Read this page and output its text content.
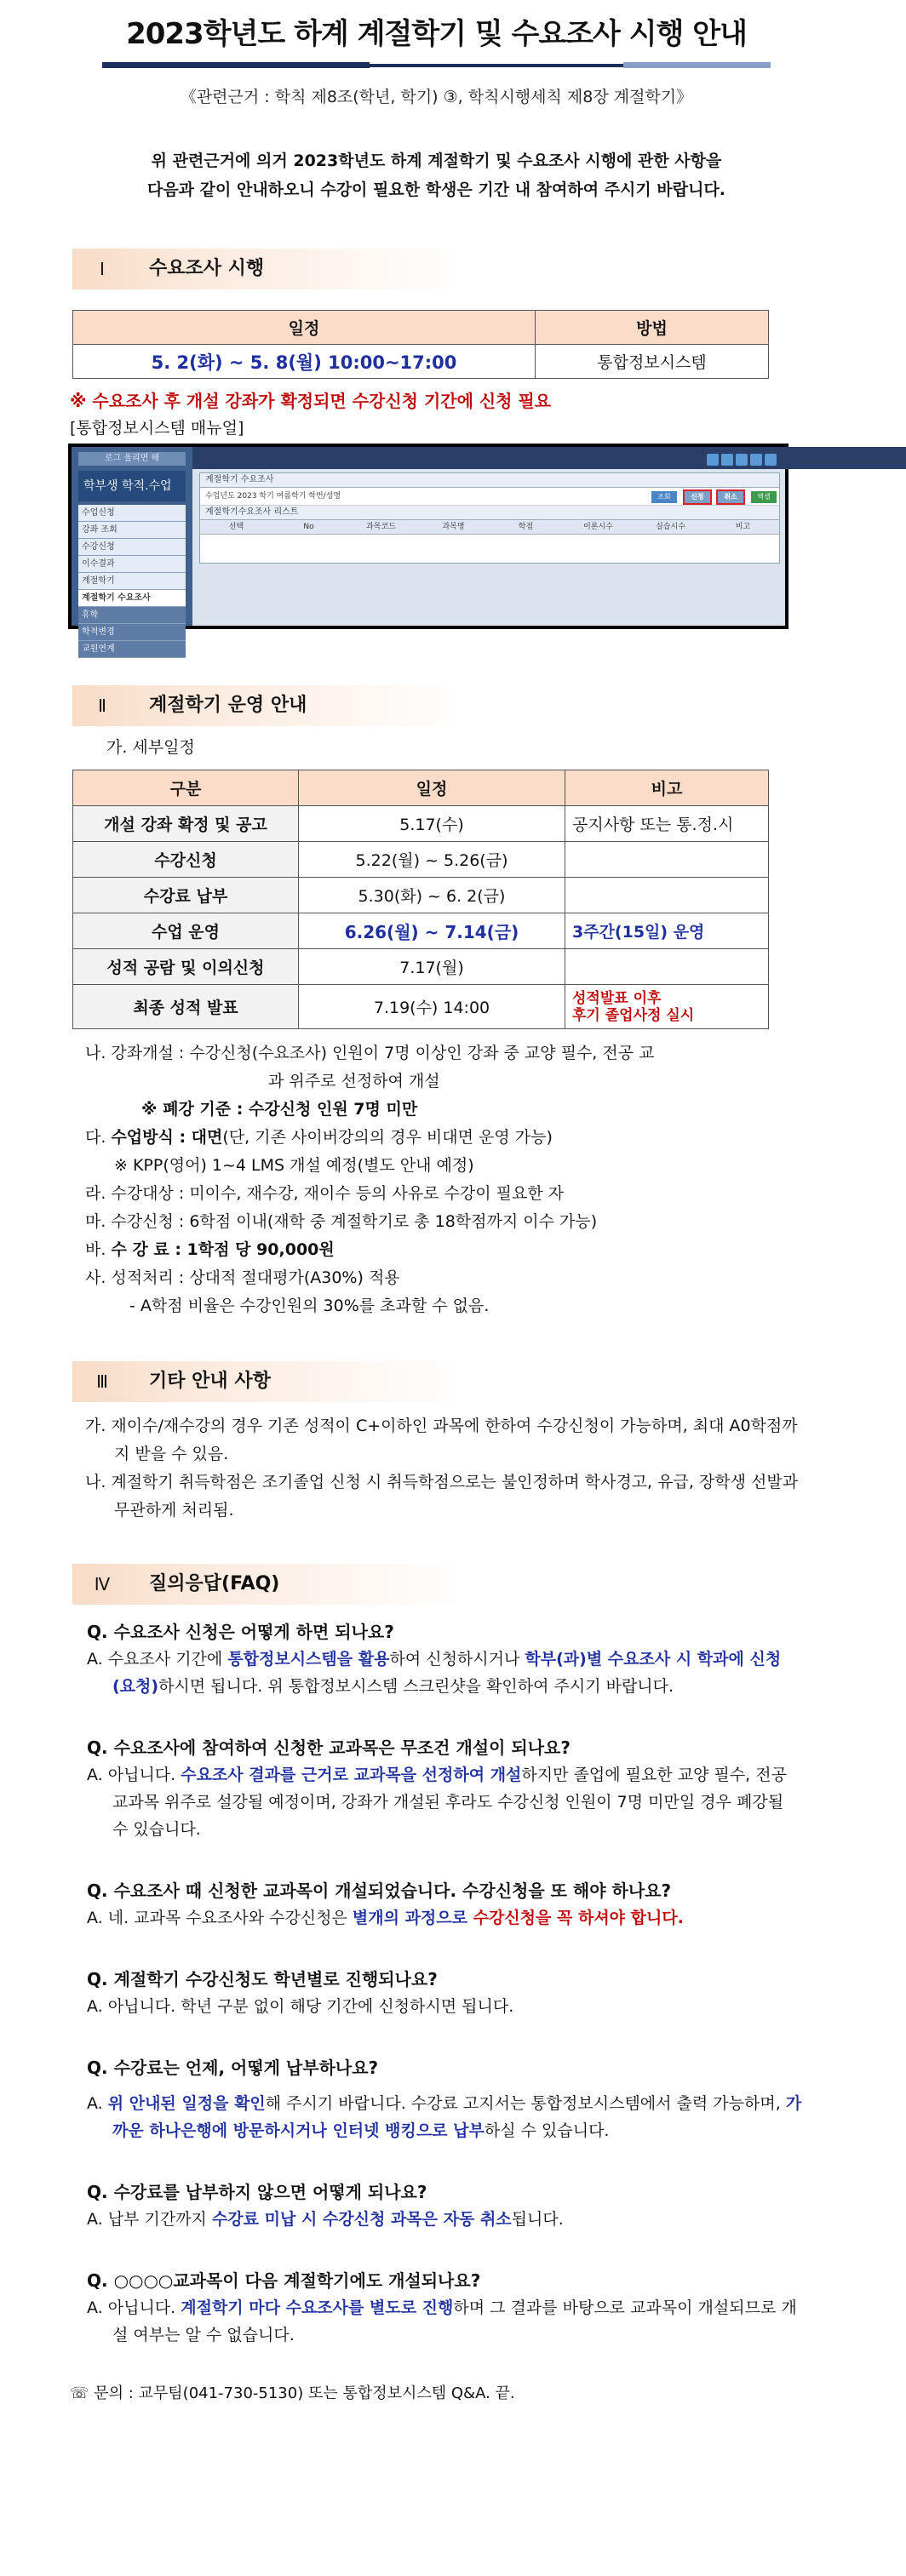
2023학년도 하계 계절학기 및 수요조사 시행 안내
《관련근거 : 학칙 제8조(학년, 학기) ③, 학칙시행세칙 제8장 계절학기》
위 관련근거에 의거 2023학년도 하계 계절학기 및 수요조사 시행에 관한 사항을
다음과 같이 안내하오니 수강이 필요한 학생은 기간 내 참여하여 주시기 바랍니다.
Ⅰ	수요조사 시행
일정	방법
5. 2(화) ~ 5. 8(월) 10:00~17:00	통합정보시스템
※ 수요조사 후 개설 강좌가 확정되면 수강신청 기간에 신청 필요
[통합정보시스템 매뉴얼]
로그 울리면 해
학부생 학적.수업
수업신청
강좌 조회
수강신청
이수결과
계절학기
계절학기 수요조사
휴학
학적변경
교원연계
계절학기 수요조사
수업년도 2023 학기 여름학기 학번/성명
계절학기수요조사 리스트
선택	No	과목코드	과목명	학점	이론시수	실습시수	비고
조회	신청	취소	엑셀
Ⅱ	계절학기 운영 안내
가. 세부일정
구분	일정	비고
개설 강좌 확정 및 공고	5.17(수)	공지사항 또는 통.정.시
수강신청	5.22(월) ~ 5.26(금)	
수강료 납부	5.30(화) ~ 6. 2(금)	
수업 운영	6.26(월) ~ 7.14(금)	3주간(15일) 운영
성적 공람 및 이의신청	7.17(월)	
최종 성적 발표	7.19(수) 14:00	성적발표 이후
후기 졸업사정 실시
나. 강좌개설 : 수강신청(수요조사) 인원이 7명 이상인 강좌 중 교양 필수, 전공 교
과 위주로 선정하여 개설
※ 폐강 기준 : 수강신청 인원 7명 미만
다. 수업방식 : 대면(단, 기존 사이버강의의 경우 비대면 운영 가능)
※ KPP(영어) 1~4 LMS 개설 예정(별도 안내 예정)
라. 수강대상 : 미이수, 재수강, 재이수 등의 사유로 수강이 필요한 자
마. 수강신청 : 6학점 이내(재학 중 계절학기로 총 18학점까지 이수 가능)
바. 수 강 료 : 1학점 당 90,000원
사. 성적처리 : 상대적 절대평가(A30%) 적용
- A학점 비율은 수강인원의 30%를 초과할 수 없음.
Ⅲ	기타 안내 사항
가. 재이수/재수강의 경우 기존 성적이 C+이하인 과목에 한하여 수강신청이 가능하며, 최대 A0학점까지 받을 수 있음.
나. 계절학기 취득학점은 조기졸업 신청 시 취득학점으로는 불인정하며 학사경고, 유급, 장학생 선발과 무관하게 처리됨.
Ⅳ	질의응답(FAQ)
Q. 수요조사 신청은 어떻게 하면 되나요?
A. 수요조사 기간에 통합정보시스템을 활용하여 신청하시거나 학부(과)별 수요조사 시 학과에 신청(요청)하시면 됩니다. 위 통합정보시스템 스크린샷을 확인하여 주시기 바랍니다.
Q. 수요조사에 참여하여 신청한 교과목은 무조건 개설이 되나요?
A. 아닙니다. 수요조사 결과를 근거로 교과목을 선정하여 개설하지만 졸업에 필요한 교양 필수, 전공 교과목 위주로 설강될 예정이며, 강좌가 개설된 후라도 수강신청 인원이 7명 미만일 경우 폐강될 수 있습니다.
Q. 수요조사 때 신청한 교과목이 개설되었습니다. 수강신청을 또 해야 하나요?
A. 네. 교과목 수요조사와 수강신청은 별개의 과정으로 수강신청을 꼭 하셔야 합니다.
Q. 계절학기 수강신청도 학년별로 진행되나요?
A. 아닙니다. 학년 구분 없이 해당 기간에 신청하시면 됩니다.
Q. 수강료는 언제, 어떻게 납부하나요?
A. 위 안내된 일정을 확인해 주시기 바랍니다. 수강료 고지서는 통합정보시스템에서 출력 가능하며, 가까운 하나은행에 방문하시거나 인터넷 뱅킹으로 납부하실 수 있습니다.
Q. 수강료를 납부하지 않으면 어떻게 되나요?
A. 납부 기간까지 수강료 미납 시 수강신청 과목은 자동 취소됩니다.
Q. ○○○○교과목이 다음 계절학기에도 개설되나요?
A. 아닙니다. 계절학기 마다 수요조사를 별도로 진행하며 그 결과를 바탕으로 교과목이 개설되므로 개설 여부는 알 수 없습니다.
☏ 문의 : 교무팀(041-730-5130) 또는 통합정보시스템 Q&A. 끝.
